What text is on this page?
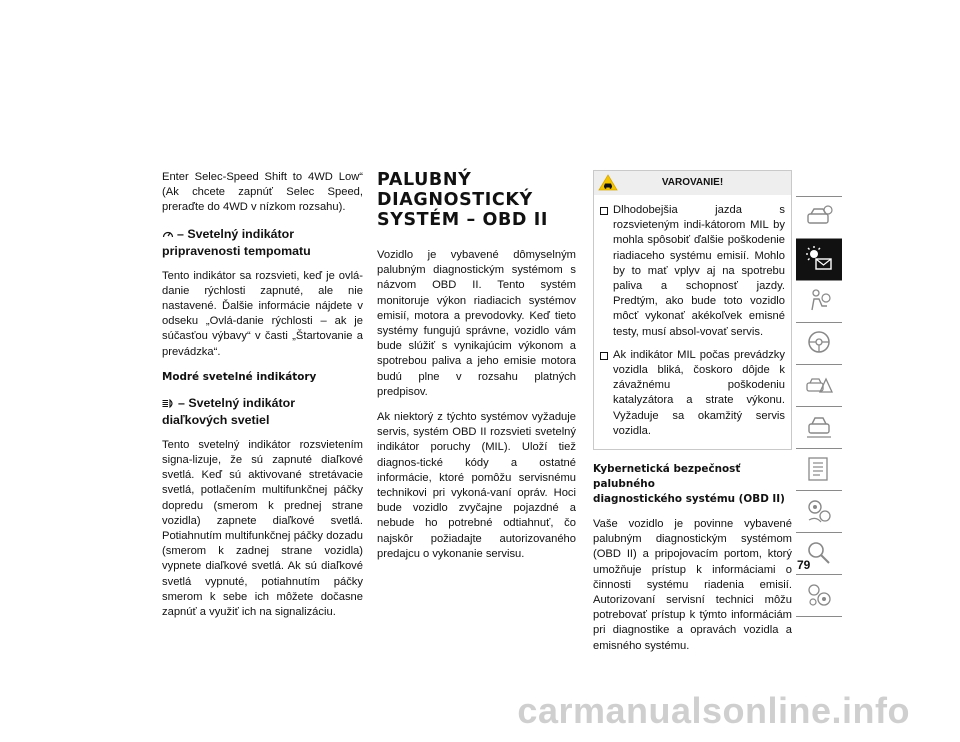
Enter Selec-Speed Shift to 4WD Low“ (Ak chcete zapnúť Selec Speed, preraďte do 4WD v nízkom rozsahu).

– Svetelný indikátor pripravenosti tempomatu

Tento indikátor sa rozsvieti, keď je ovlá-danie rýchlosti zapnuté, ale nie nastavené. Ďalšie informácie nájdete v odseku „Ovlá-danie rýchlosti – ak je súčasťou výbavy“ v časti „Štartovanie a prevádzka“.

Modré svetelné indikátory
– Svetelný indikátor diaľkových svetiel

Tento svetelný indikátor rozsvietením signa-lizuje, že sú zapnuté diaľkové svetlá. Keď sú aktivované stretávacie svetlá, potlačením multifunkčnej páčky dopredu (smerom k prednej strane vozidla) zapnete diaľkové svetlá. Potiahnutím multifunkčnej páčky dozadu (smerom k zadnej strane vozidla) vypnete diaľkové svetlá. Ak sú diaľkové svetlá vypnuté, potiahnutím páčky smerom k sebe ich môžete dočasne zapnúť a využiť ich na signalizáciu.

PALUBNÝ DIAGNOSTICKÝ
SYSTÉM – OBD II

Vozidlo je vybavené dômyselným palubným diagnostickým systémom s názvom OBD II. Tento systém monitoruje výkon riadiacich systémov emisií, motora a prevodovky. Keď tieto systémy fungujú správne, vozidlo vám bude slúžiť s vynikajúcim výkonom a spotrebou paliva a jeho emisie motora budú plne v rozsahu platných predpisov.

Ak niektorý z týchto systémov vyžaduje servis, systém OBD II rozsvieti svetelný indikátor poruchy (MIL). Uloží tiež diagnos-tické kódy a ostatné informácie, ktoré pomôžu servisnému technikovi pri vykoná-vaní opráv. Hoci bude vozidlo zvyčajne pojazdné a nebude ho potrebné odtiahnuť, čo najskôr požiadajte autorizovaného predajcu o vykonanie servisu.

VAROVANIE!
Dlhodobejšia jazda s rozsvieteným indi-kátorom MIL by mohla spôsobiť ďalšie poškodenie riadiaceho systému emisií. Mohlo by to mať vplyv aj na spotrebu paliva a schopnosť jazdy. Predtým, ako bude toto vozidlo môcť vykonať akékoľvek emisné testy, musí absol-vovať servis.
Ak indikátor MIL počas prevádzky vozidla bliká, čoskoro dôjde k závažnému poškodeniu katalyzátora a strate výkonu. Vyžaduje sa okamžitý servis vozidla.
Kybernetická bezpečnosť palubného
diagnostického systému (OBD II)

Vaše vozidlo je povinne vybavené palubným diagnostickým systémom (OBD II) a pripojovacím portom, ktorý umožňuje prístup k informáciami o činnosti systému riadenia emisií. Autorizovaní servisní technici môžu potrebovať prístup k týmto informáciám pri diagnostike a opravách vozidla a emisného systému.

79
carmanualsonline.info
